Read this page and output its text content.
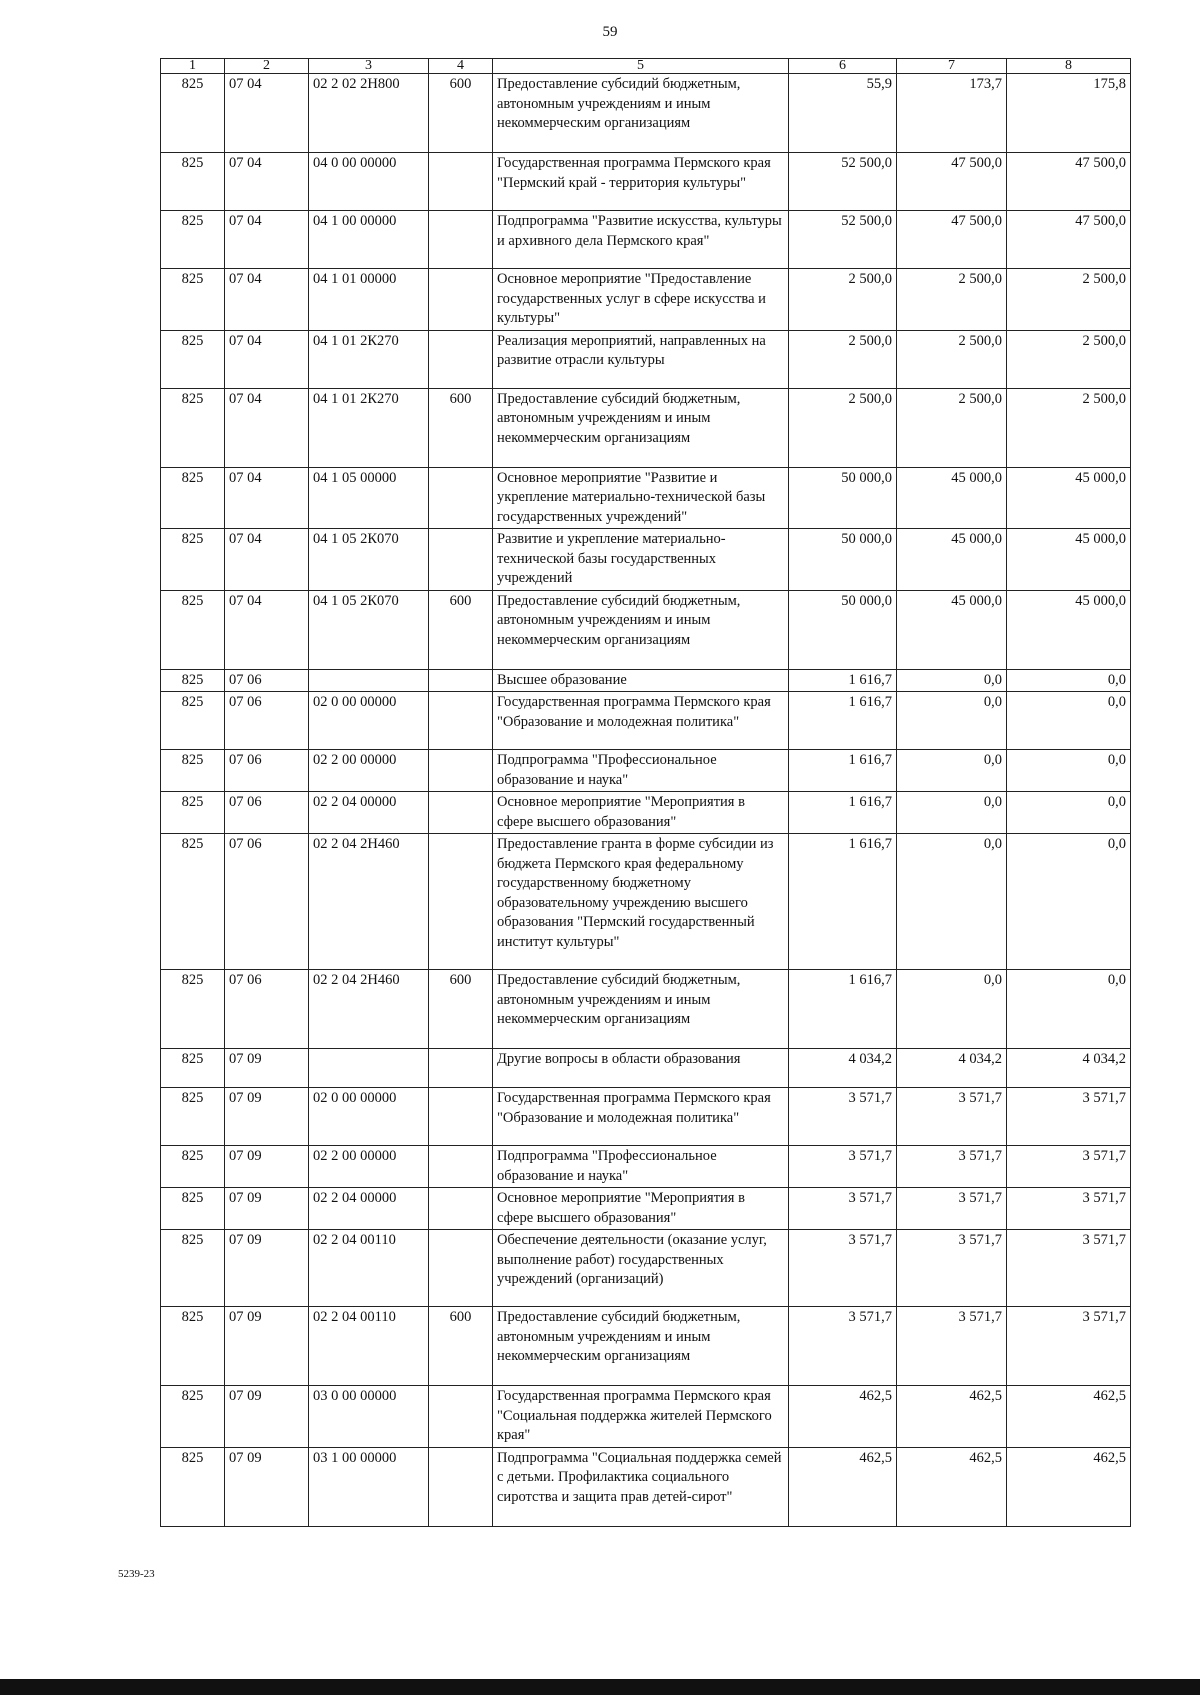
59
1	2	3	4	5	6	7	8
825	07 04	02 2 02 2Н800	600	Предоставление субсидий бюджетным, автономным учреждениям и иным некоммерческим организациям	55,9	173,7	175,8
825	07 04	04 0 00 00000		Государственная программа Пермского края "Пермский край - территория культуры"	52 500,0	47 500,0	47 500,0
825	07 04	04 1 00 00000		Подпрограмма "Развитие искусства, культуры и архивного дела Пермского края"	52 500,0	47 500,0	47 500,0
825	07 04	04 1 01 00000		Основное мероприятие "Предоставление государственных услуг в сфере искусства и культуры"	2 500,0	2 500,0	2 500,0
825	07 04	04 1 01 2К270		Реализация мероприятий, направленных на развитие отрасли культуры	2 500,0	2 500,0	2 500,0
825	07 04	04 1 01 2К270	600	Предоставление субсидий бюджетным, автономным учреждениям и иным некоммерческим организациям	2 500,0	2 500,0	2 500,0
825	07 04	04 1 05 00000		Основное мероприятие "Развитие и укрепление материально-технической базы государственных учреждений"	50 000,0	45 000,0	45 000,0
825	07 04	04 1 05 2К070		Развитие и укрепление материально-технической базы государственных учреждений	50 000,0	45 000,0	45 000,0
825	07 04	04 1 05 2К070	600	Предоставление субсидий бюджетным, автономным учреждениям и иным некоммерческим организациям	50 000,0	45 000,0	45 000,0
825	07 06			Высшее образование	1 616,7	0,0	0,0
825	07 06	02 0 00 00000		Государственная программа Пермского края "Образование и молодежная политика"	1 616,7	0,0	0,0
825	07 06	02 2 00 00000		Подпрограмма "Профессиональное образование и наука"	1 616,7	0,0	0,0
825	07 06	02 2 04 00000		Основное мероприятие "Мероприятия в сфере высшего образования"	1 616,7	0,0	0,0
825	07 06	02 2 04 2Н460		Предоставление гранта в форме субсидии из бюджета Пермского края федеральному государственному бюджетному образовательному учреждению высшего образования "Пермский государственный институт культуры"	1 616,7	0,0	0,0
825	07 06	02 2 04 2Н460	600	Предоставление субсидий бюджетным, автономным учреждениям и иным некоммерческим организациям	1 616,7	0,0	0,0
825	07 09			Другие вопросы в области образования	4 034,2	4 034,2	4 034,2
825	07 09	02 0 00 00000		Государственная программа Пермского края "Образование и молодежная политика"	3 571,7	3 571,7	3 571,7
825	07 09	02 2 00 00000		Подпрограмма "Профессиональное образование и наука"	3 571,7	3 571,7	3 571,7
825	07 09	02 2 04 00000		Основное мероприятие "Мероприятия в сфере высшего образования"	3 571,7	3 571,7	3 571,7
825	07 09	02 2 04 00110		Обеспечение деятельности (оказание услуг, выполнение работ) государственных учреждений (организаций)	3 571,7	3 571,7	3 571,7
825	07 09	02 2 04 00110	600	Предоставление субсидий бюджетным, автономным учреждениям и иным некоммерческим организациям	3 571,7	3 571,7	3 571,7
825	07 09	03 0 00 00000		Государственная программа Пермского края "Социальная поддержка жителей Пермского края"	462,5	462,5	462,5
825	07 09	03 1 00 00000		Подпрограмма "Социальная поддержка семей с детьми. Профилактика социального сиротства и защита прав детей-сирот"	462,5	462,5	462,5
5239-23
